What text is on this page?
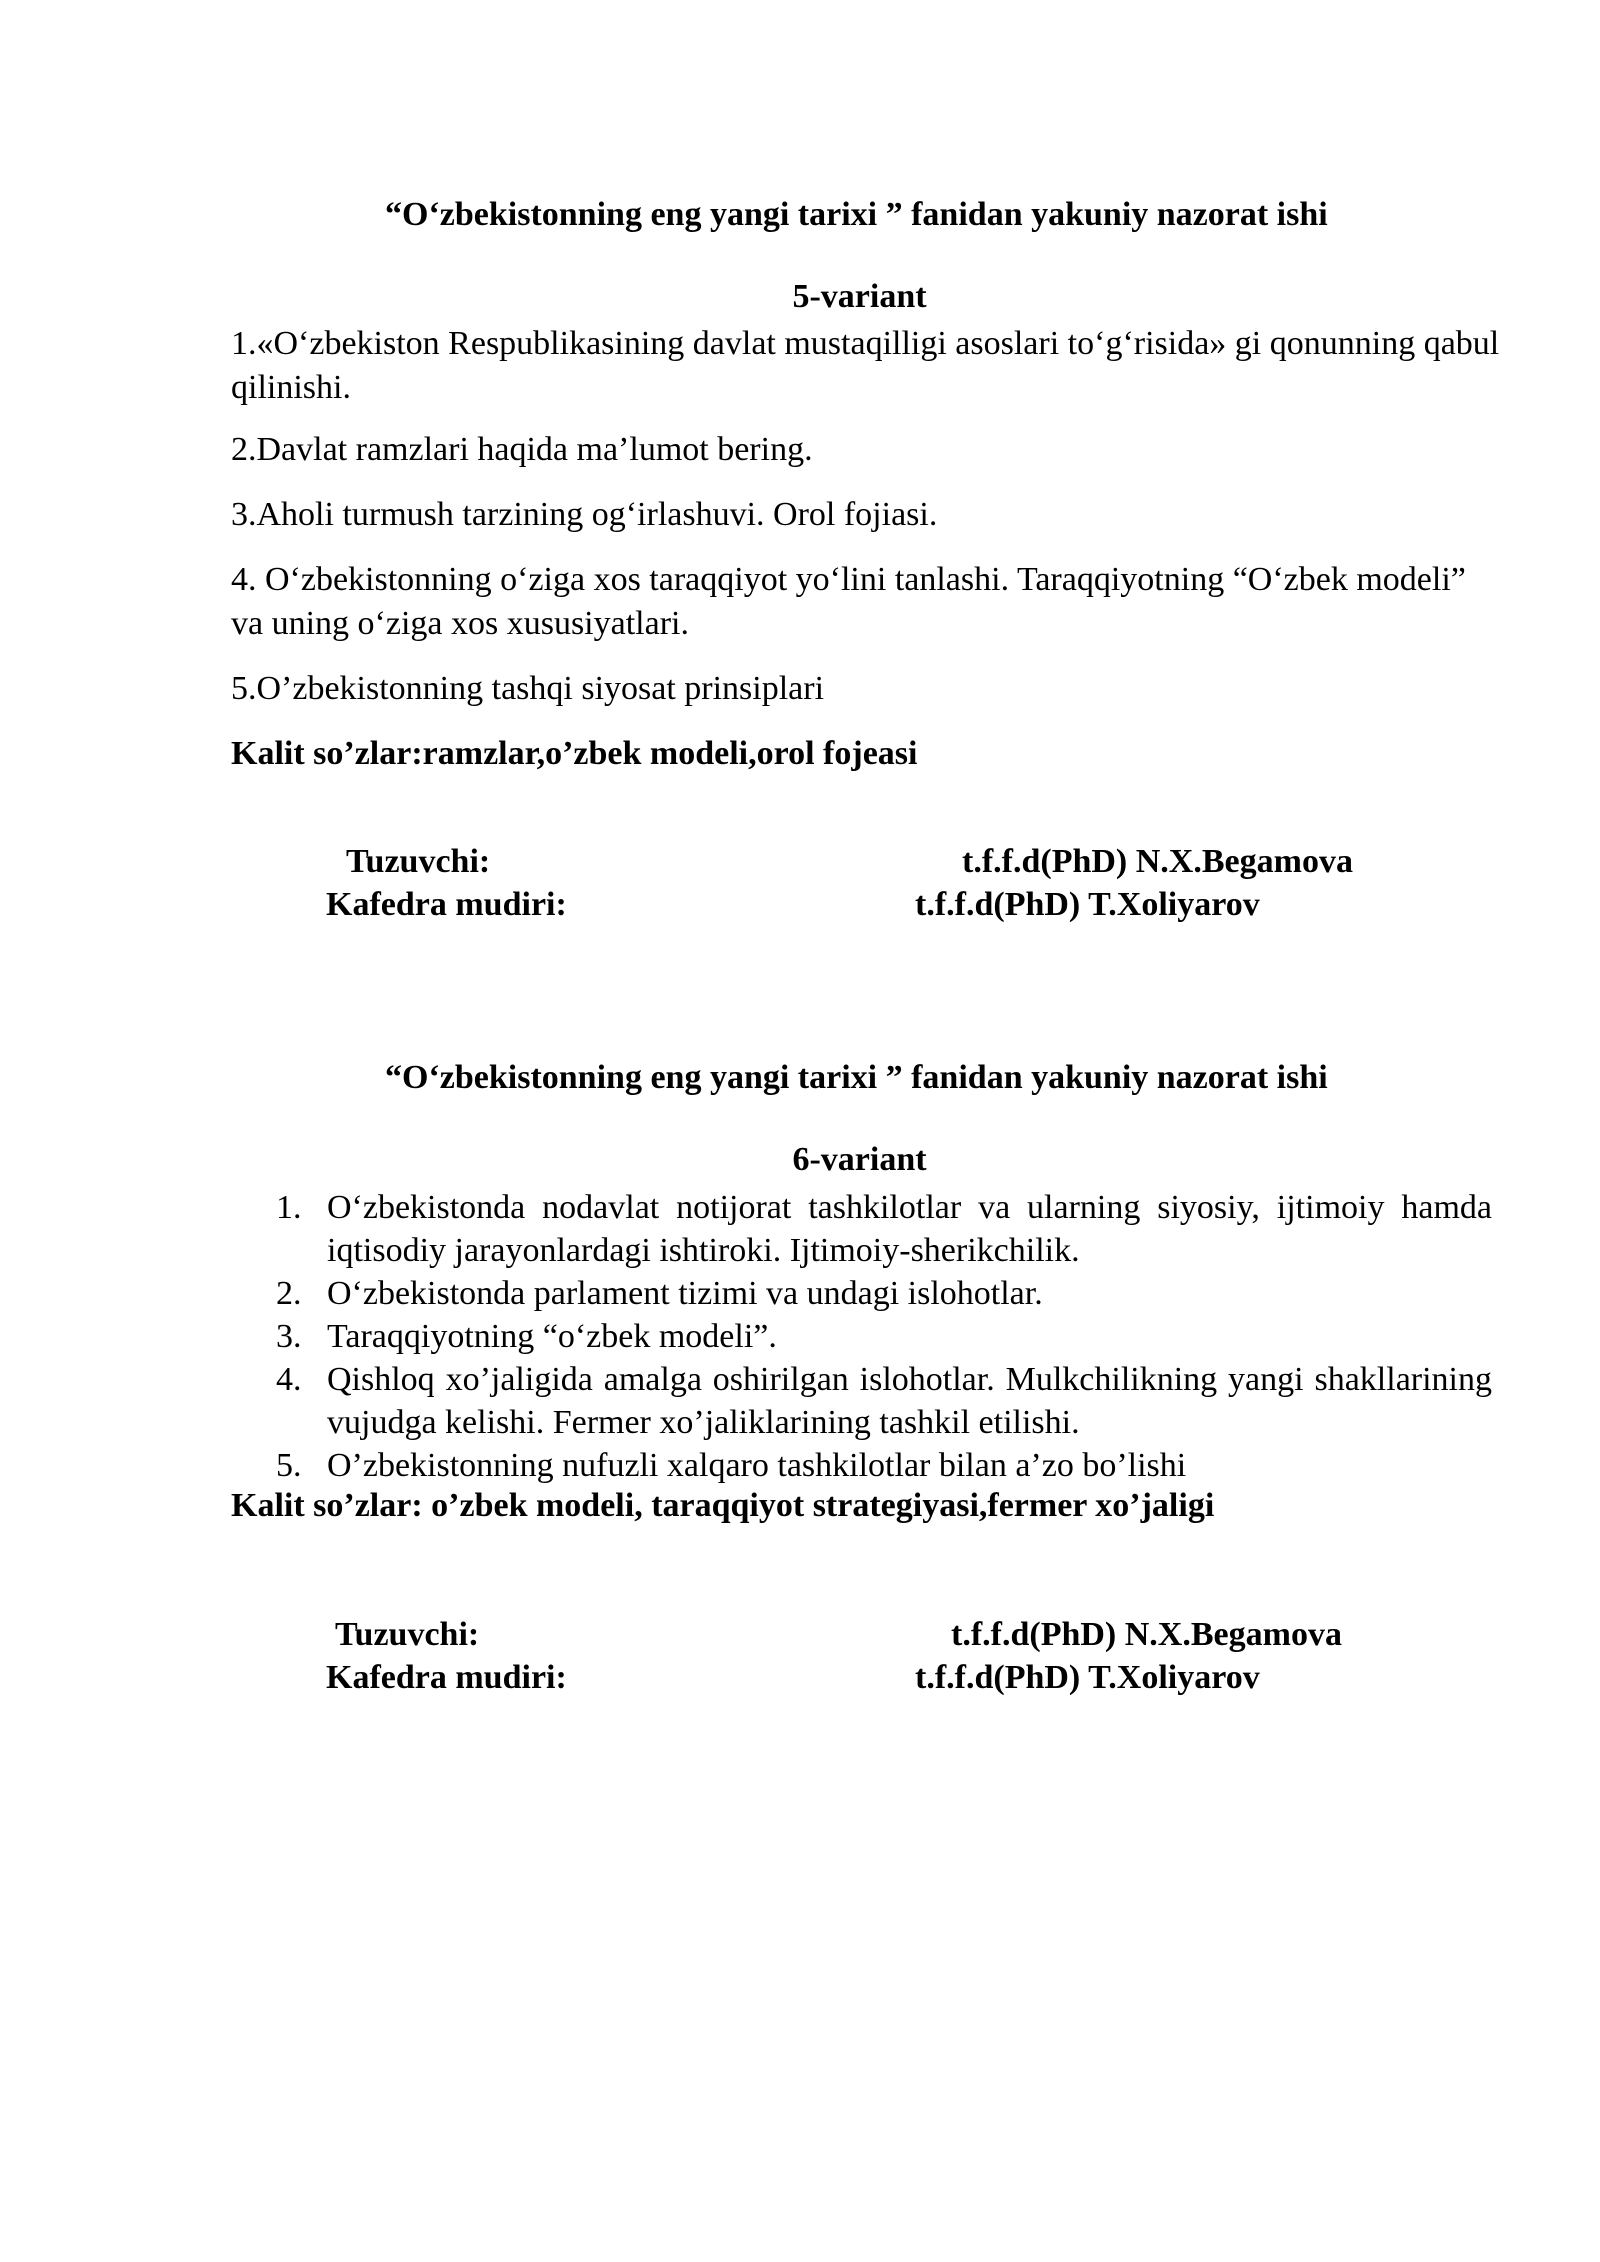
“O‘zbekistonning eng yangi tarixi ” fanidan yakuniy nazorat ishi
5-variant
1.«O‘zbekiston Respublikasining davlat mustaqilligi asoslari to‘g‘risida» gi qonunning qabul qilinishi.
2.Davlat ramzlari haqida ma’lumot bering.
3.Aholi turmush tarzining og‘irlashuvi. Orol fojiasi.
4. O‘zbekistonning o‘ziga xos taraqqiyot yo‘lini tanlashi. Taraqqiyotning “O‘zbek modeli” va uning o‘ziga xos xususiyatlari.
5.O’zbekistonning tashqi siyosat prinsiplari
Kalit so’zlar:ramzlar,o’zbek modeli,orol fojeasi
Tuzuvchi:	t.f.f.d(PhD) N.X.Begamova
Kafedra mudiri:	t.f.f.d(PhD) T.Xoliyarov
“O‘zbekistonning eng yangi tarixi ” fanidan yakuniy nazorat ishi
6-variant
1. O‘zbekistonda nodavlat notijorat tashkilotlar va ularning siyosiy, ijtimoiy hamda iqtisodiy jarayonlardagi ishtiroki. Ijtimoiy-sherikchilik.
2. O‘zbekistonda parlament tizimi va undagi islohotlar.
3. Taraqqiyotning “o‘zbek modeli”.
4. Qishloq xo’jaligida amalga oshirilgan islohotlar. Mulkchilikning yangi shakllarining vujudga kelishi. Fermer xo’jaliklarining tashkil etilishi.
5. O’zbekistonning nufuzli xalqaro tashkilotlar bilan a’zo bo’lishi
Kalit so’zlar: o’zbek modeli, taraqqiyot strategiyasi,fermer xo’jaligi
Tuzuvchi:	t.f.f.d(PhD) N.X.Begamova
Kafedra mudiri:	t.f.f.d(PhD) T.Xoliyarov
